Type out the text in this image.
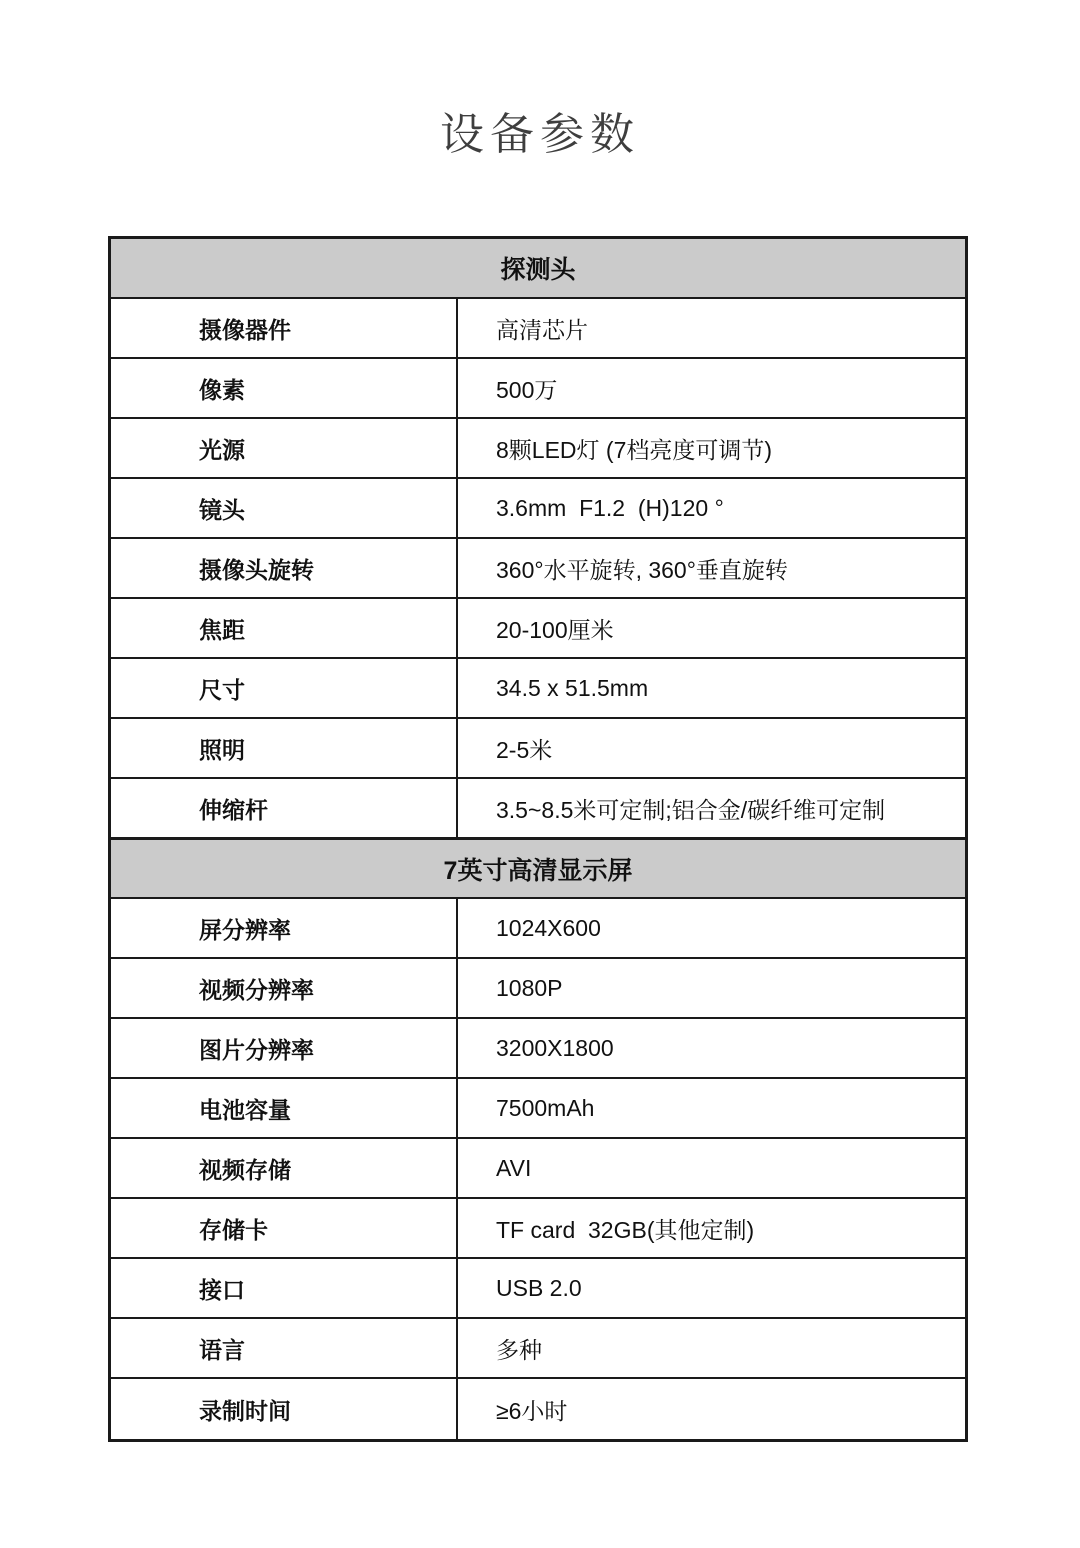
设备参数
探测头
摄像器件	高清芯片
像素	500万
光源	8颗LED灯 (7档亮度可调节)
镜头	3.6mm  F1.2  (H)120 °
摄像头旋转	360°水平旋转, 360°垂直旋转
焦距	20-100厘米
尺寸	34.5 x 51.5mm
照明	2-5米
伸缩杆	3.5~8.5米可定制;铝合金/碳纤维可定制
7英寸高清显示屏
屏分辨率	1024X600
视频分辨率	1080P
图片分辨率	3200X1800
电池容量	7500mAh
视频存储	AVI
存储卡	TF card  32GB(其他定制)
接口	USB 2.0
语言	多种
录制时间	≥6小时
